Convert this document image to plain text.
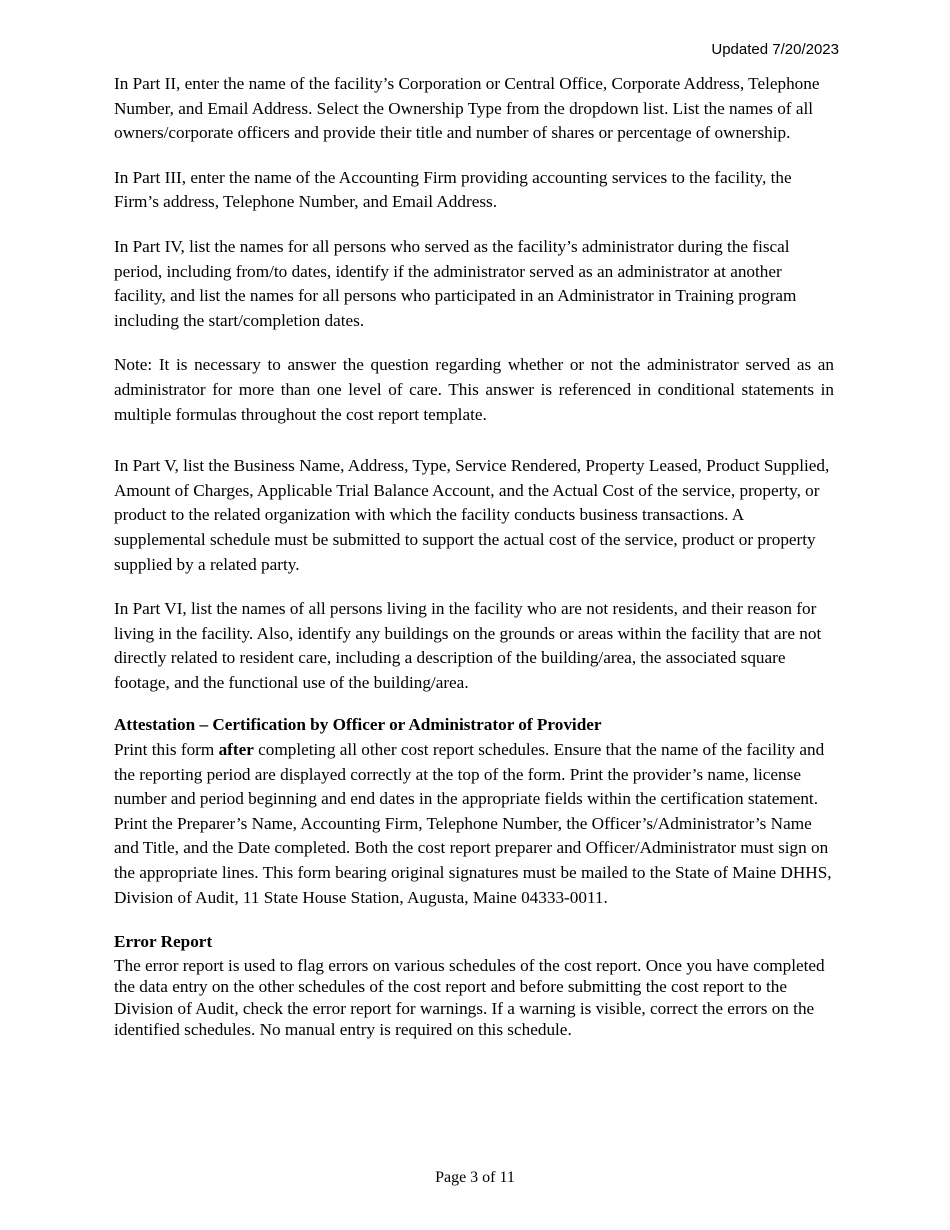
Updated 7/20/2023

In Part II, enter the name of the facility’s Corporation or Central Office, Corporate Address, Telephone Number, and Email Address. Select the Ownership Type from the dropdown list. List the names of all owners/corporate officers and provide their title and number of shares or percentage of ownership.

In Part III, enter the name of the Accounting Firm providing accounting services to the facility, the Firm’s address, Telephone Number, and Email Address.

In Part IV, list the names for all persons who served as the facility’s administrator during the fiscal period, including from/to dates, identify if the administrator served as an administrator at another facility, and list the names for all persons who participated in an Administrator in Training program including the start/completion dates.

Note: It is necessary to answer the question regarding whether or not the administrator served as an administrator for more than one level of care. This answer is referenced in conditional statements in multiple formulas throughout the cost report template.

In Part V, list the Business Name, Address, Type, Service Rendered, Property Leased, Product Supplied, Amount of Charges, Applicable Trial Balance Account, and the Actual Cost of the service, property, or product to the related organization with which the facility conducts business transactions. A supplemental schedule must be submitted to support the actual cost of the service, product or property supplied by a related party.

In Part VI, list the names of all persons living in the facility who are not residents, and their reason for living in the facility. Also, identify any buildings on the grounds or areas within the facility that are not directly related to resident care, including a description of the building/area, the associated square footage, and the functional use of the building/area.

Attestation – Certification by Officer or Administrator of Provider

Print this form after completing all other cost report schedules. Ensure that the name of the facility and the reporting period are displayed correctly at the top of the form. Print the provider’s name, license number and period beginning and end dates in the appropriate fields within the certification statement. Print the Preparer’s Name, Accounting Firm, Telephone Number, the Officer’s/Administrator’s Name and Title, and the Date completed. Both the cost report preparer and Officer/Administrator must sign on the appropriate lines. This form bearing original signatures must be mailed to the State of Maine DHHS, Division of Audit, 11 State House Station, Augusta, Maine 04333-0011.

Error Report

The error report is used to flag errors on various schedules of the cost report. Once you have completed the data entry on the other schedules of the cost report and before submitting the cost report to the Division of Audit, check the error report for warnings. If a warning is visible, correct the errors on the identified schedules. No manual entry is required on this schedule.

Page 3 of 11
